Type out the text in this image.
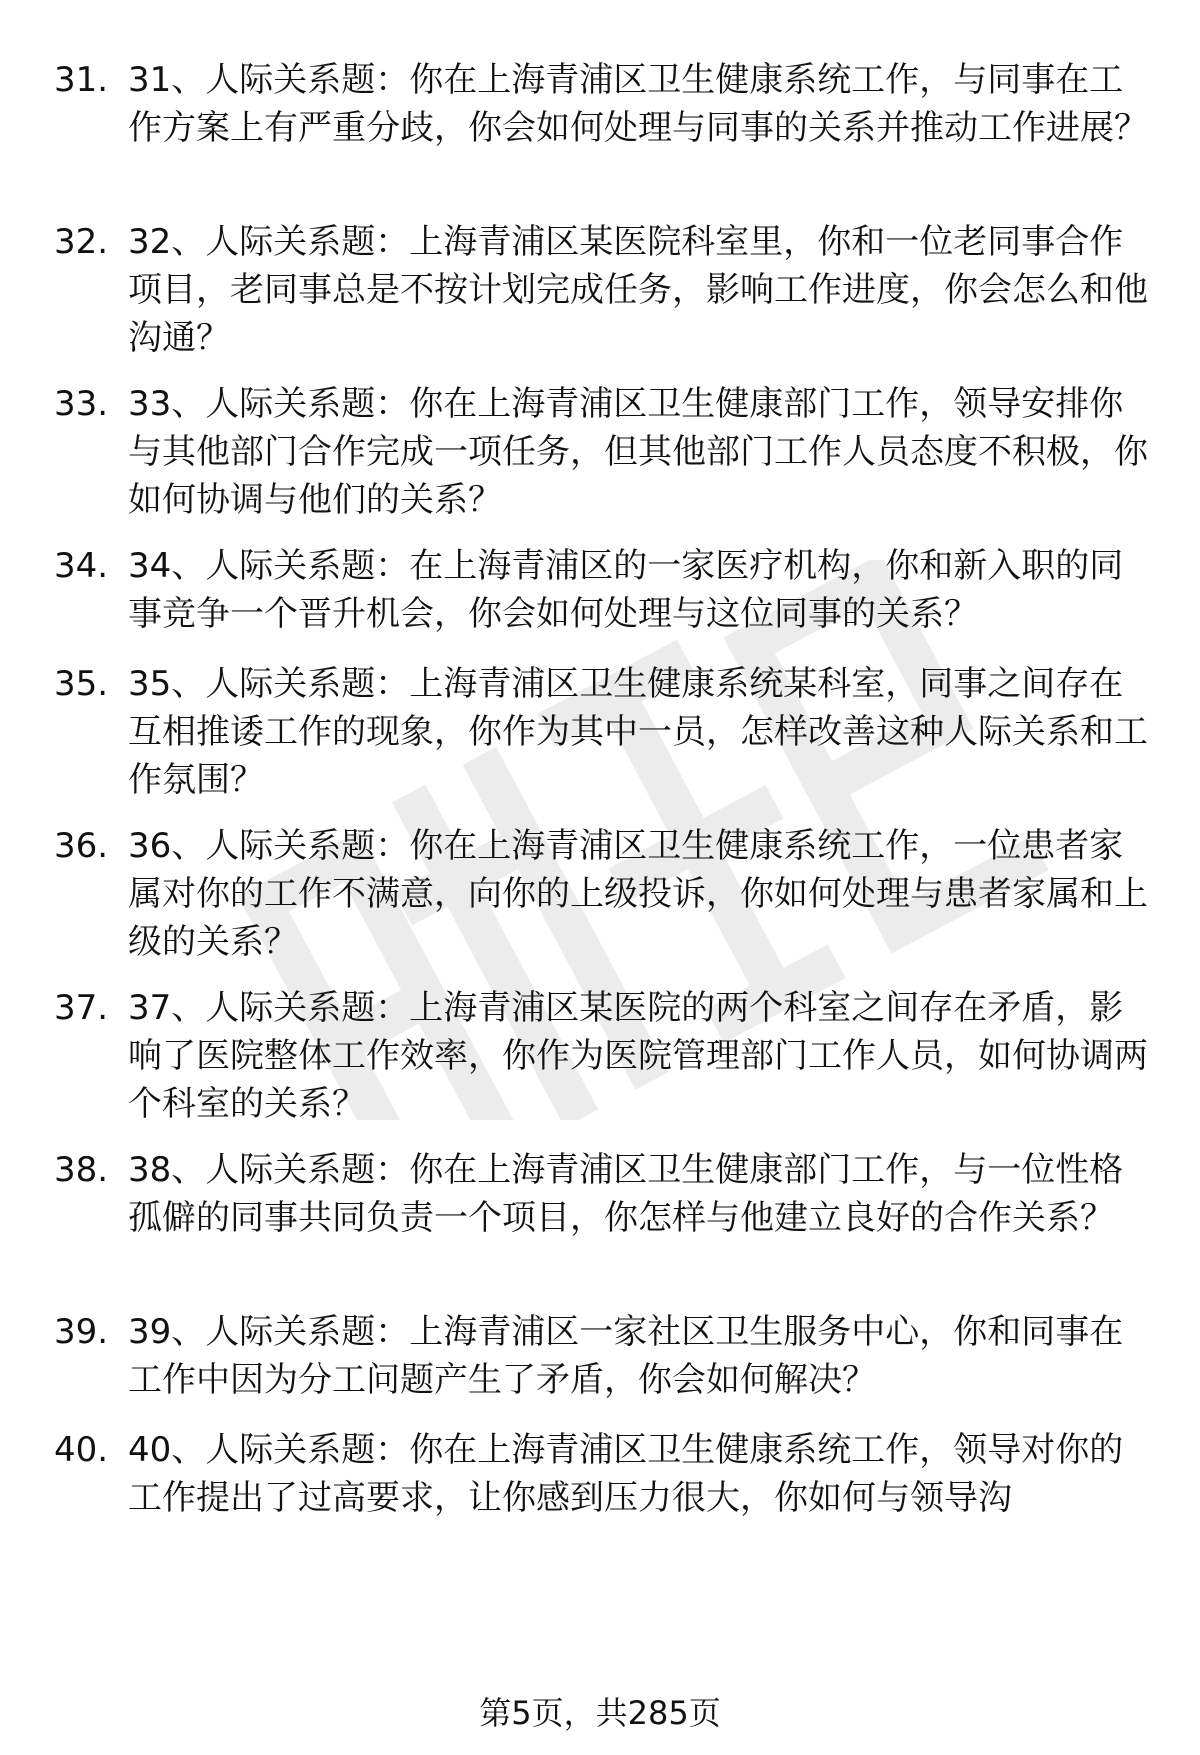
31. 31、人际关系题：你在上海青浦区卫生健康系统工作，与同事在工作方案上有严重分歧，你会如何处理与同事的关系并推动工作进展？
32. 32、人际关系题：上海青浦区某医院科室里，你和一位老同事合作项目，老同事总是不按计划完成任务，影响工作进度，你会怎么和他沟通？
33. 33、人际关系题：你在上海青浦区卫生健康部门工作，领导安排你与其他部门合作完成一项任务，但其他部门工作人员态度不积极，你如何协调与他们的关系？
34. 34、人际关系题：在上海青浦区的一家医疗机构，你和新入职的同事竞争一个晋升机会，你会如何处理与这位同事的关系？
35. 35、人际关系题：上海青浦区卫生健康系统某科室，同事之间存在互相推诿工作的现象，你作为其中一员，怎样改善这种人际关系和工作氛围？
36. 36、人际关系题：你在上海青浦区卫生健康系统工作，一位患者家属对你的工作不满意，向你的上级投诉，你如何处理与患者家属和上级的关系？
37. 37、人际关系题：上海青浦区某医院的两个科室之间存在矛盾，影响了医院整体工作效率，你作为医院管理部门工作人员，如何协调两个科室的关系？
38. 38、人际关系题：你在上海青浦区卫生健康部门工作，与一位性格孤僻的同事共同负责一个项目，你怎样与他建立良好的合作关系？
39. 39、人际关系题：上海青浦区一家社区卫生服务中心，你和同事在工作中因为分工问题产生了矛盾，你会如何解决？
40. 40、人际关系题：你在上海青浦区卫生健康系统工作，领导对你的工作提出了过高要求，让你感到压力很大，你如何与领导沟
第5页，共285页
